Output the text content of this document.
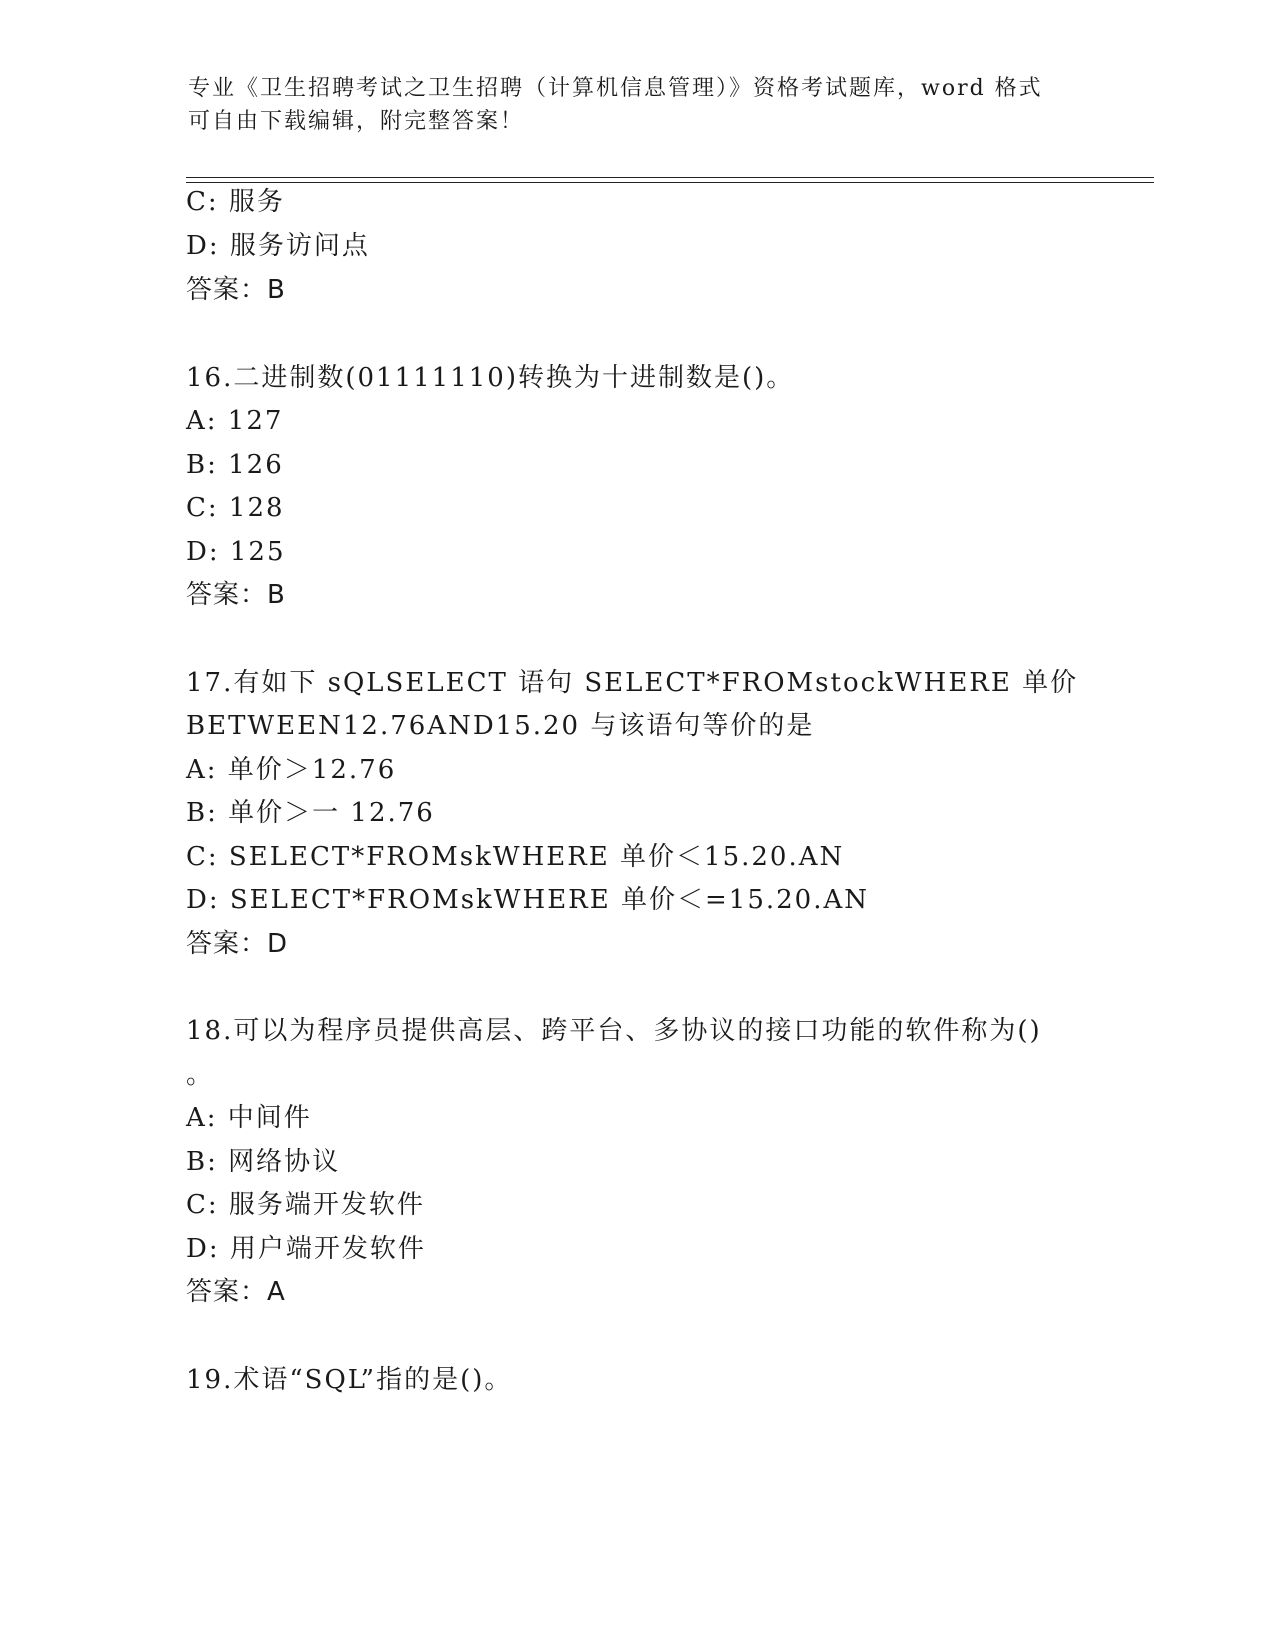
专业《卫生招聘考试之卫生招聘（计算机信息管理）》资格考试题库，word 格式
可自由下载编辑，附完整答案！
C: 服务
D: 服务访问点
答案：B
16.二进制数(01111110)转换为十进制数是()。
A: 127
B: 126
C: 128
D: 125
答案：B
17.有如下 sQLSELECT 语句 SELECT*FROMstockWHERE 单价
BETWEEN12.76AND15.20 与该语句等价的是
A: 单价＞12.76
B: 单价＞一 12.76
C: SELECT*FROMskWHERE 单价＜15.20.AN
D: SELECT*FROMskWHERE 单价＜=15.20.AN
答案：D
18.可以为程序员提供高层、跨平台、多协议的接口功能的软件称为()
。
A: 中间件
B: 网络协议
C: 服务端开发软件
D: 用户端开发软件
答案：A
19.术语“SQL”指的是()。
